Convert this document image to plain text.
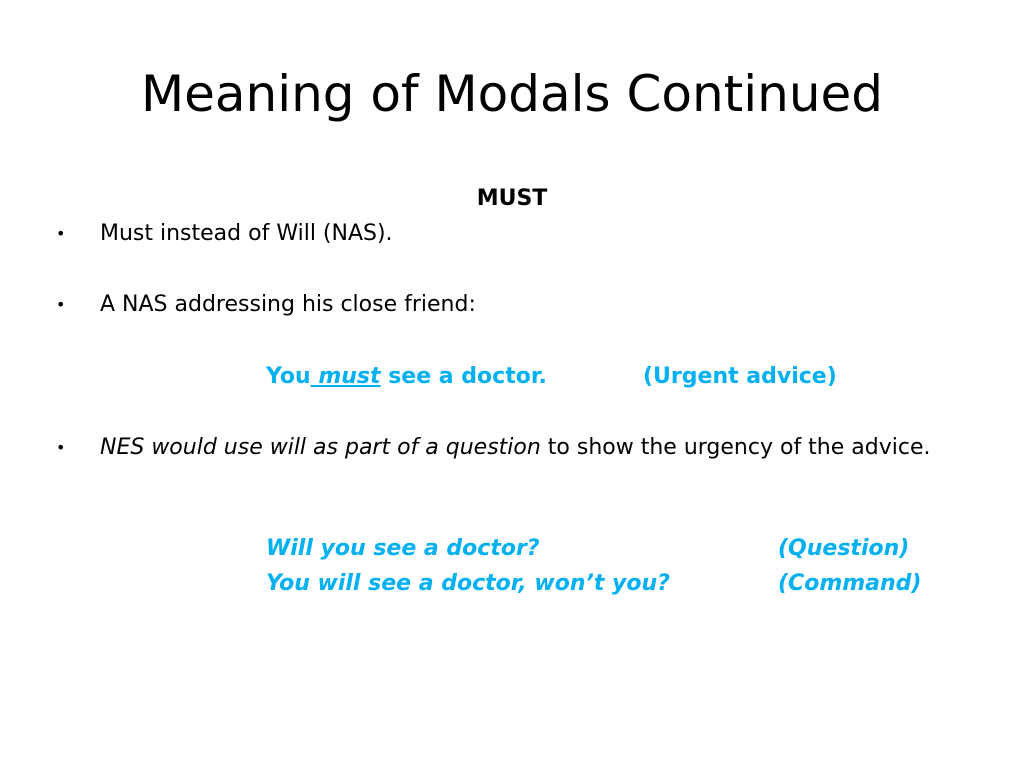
Meaning of Modals Continued
MUST
•	Must instead of Will (NAS).
•	A NAS addressing his close friend:
You must see a doctor.	(Urgent advice)
•	NES would use will as part of a question to show the urgency of the advice.
Will you see a doctor?	(Question)
You will see a doctor, won’t you?	(Command)
